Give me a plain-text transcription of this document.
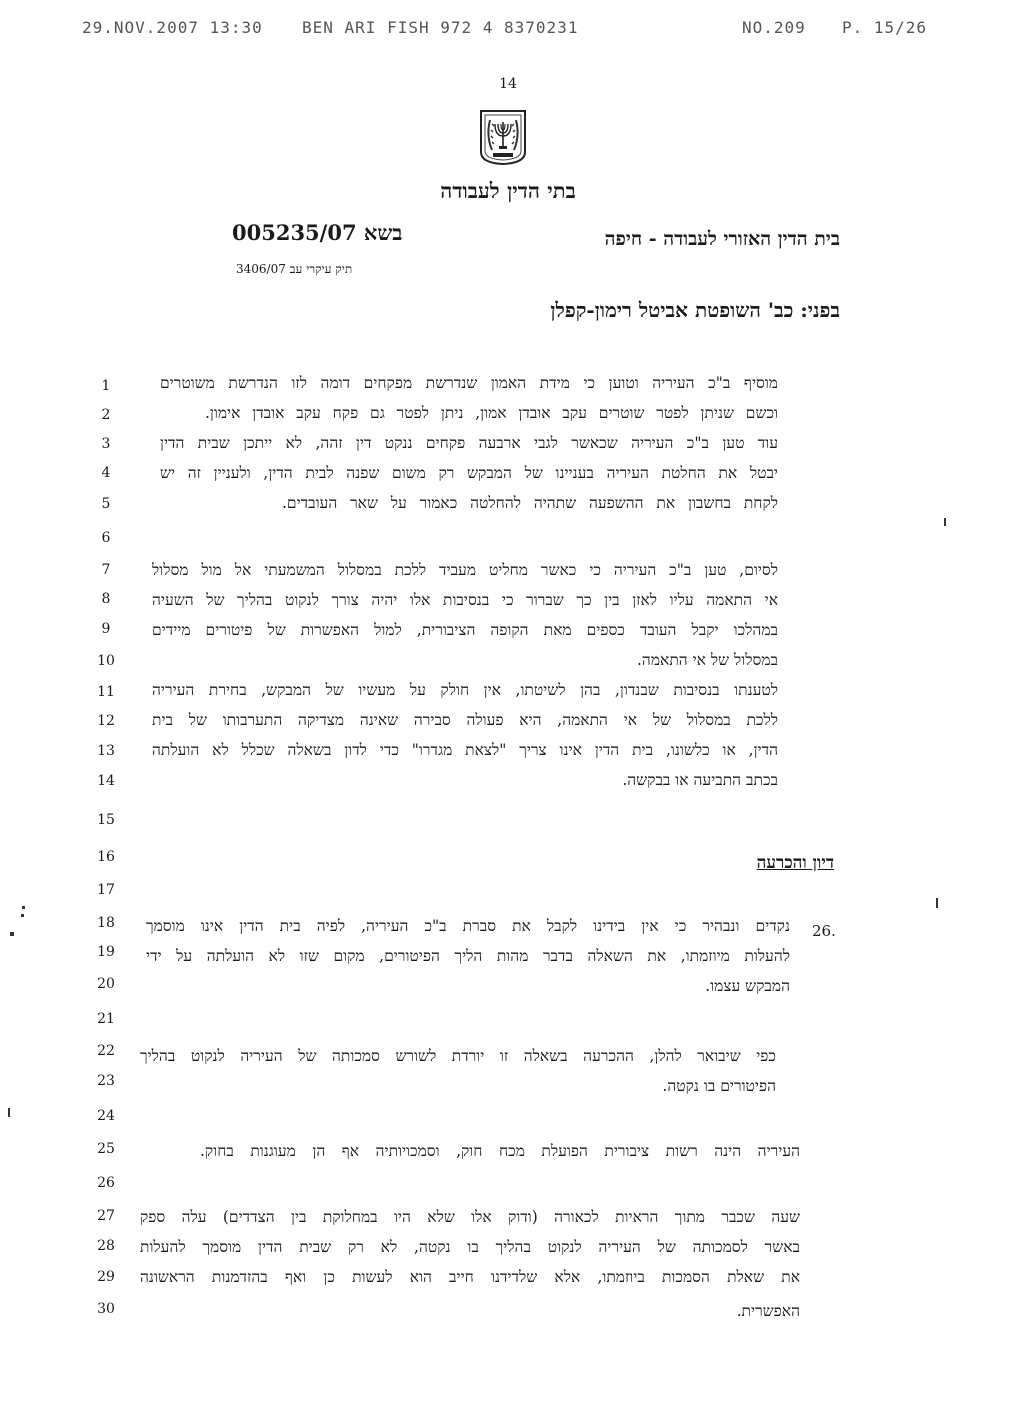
29.NOV.2007 13:30 BEN ARI FISH 972 4 8370231	NO.209 P. 15/26
14
בתי הדין לעבודה
בית הדין האזורי לעבודה - חיפה
בשא 005235/07
תיק עיקרי עב 3406/07
בפני: כב' השופטת אביטל רימון-קפלן
דיון והכרעה
26.
1
2
3
4
5
6
7
8
9
10
11
12
13
14
15
16
17
18
19
20
21
22
23
24
25
26
27
28
29
30
מוסיף ב"כ העיריה וטוען כי מידת האמון שנדרשת מפקחים דומה לזו הנדרשת משוטרים
וכשם שניתן לפטר שוטרים עקב אובדן אמון, ניתן לפטר גם פקח עקב אובדן אימון.
עוד טען ב"כ העיריה שכאשר לגבי ארבעה פקחים ננקט דין זהה, לא ייתכן שבית הדין
יבטל את החלטת העיריה בעניינו של המבקש רק משום שפנה לבית הדין, ולעניין זה יש
לקחת בחשבון את ההשפעה שתהיה להחלטה כאמור על שאר העובדים.
לסיום, טען ב"כ העיריה כי כאשר מחליט מעביד ללכת במסלול המשמעתי אל מול מסלול
אי התאמה עליו לאזן בין כך שברור כי בנסיבות אלו יהיה צורך לנקוט בהליך של השעיה
במהלכו יקבל העובד כספים מאת הקופה הציבורית, למול האפשרות של פיטורים מיידים
במסלול של אי התאמה.
לטענתו בנסיבות שבנדון, בהן לשיטתו, אין חולק על מעשיו של המבקש, בחירת העיריה
ללכת במסלול של אי התאמה, היא פעולה סבירה שאינה מצדיקה התערבותו של בית
הדין, או כלשונו, בית הדין אינו צריך "לצאת מגדרו" כדי לדון בשאלה שכלל לא הועלתה
בכתב התביעה או בבקשה.
נקדים ונבהיר כי אין בידינו לקבל את סברת ב"כ העיריה, לפיה בית הדין אינו מוסמך
להעלות מיוזמתו, את השאלה בדבר מהות הליך הפיטורים, מקום שזו לא הועלתה על ידי
המבקש עצמו.
כפי שיבואר להלן, ההכרעה בשאלה זו יורדת לשורש סמכותה של העיריה לנקוט בהליך
הפיטורים בו נקטה.
העיריה הינה רשות ציבורית הפועלת מכח חוק, וסמכויותיה אף הן מעוגנות בחוק.
שעה שכבר מתוך הראיות לכאורה (ודוק אלו שלא היו במחלוקת בין הצדדים) עלה ספק
באשר לסמכותה של העיריה לנקוט בהליך בו נקטה, לא רק שבית הדין מוסמך להעלות
את שאלת הסמכות ביוזמתו, אלא שלדידנו חייב הוא לעשות כן ואף בהזדמנות הראשונה
האפשרית.
